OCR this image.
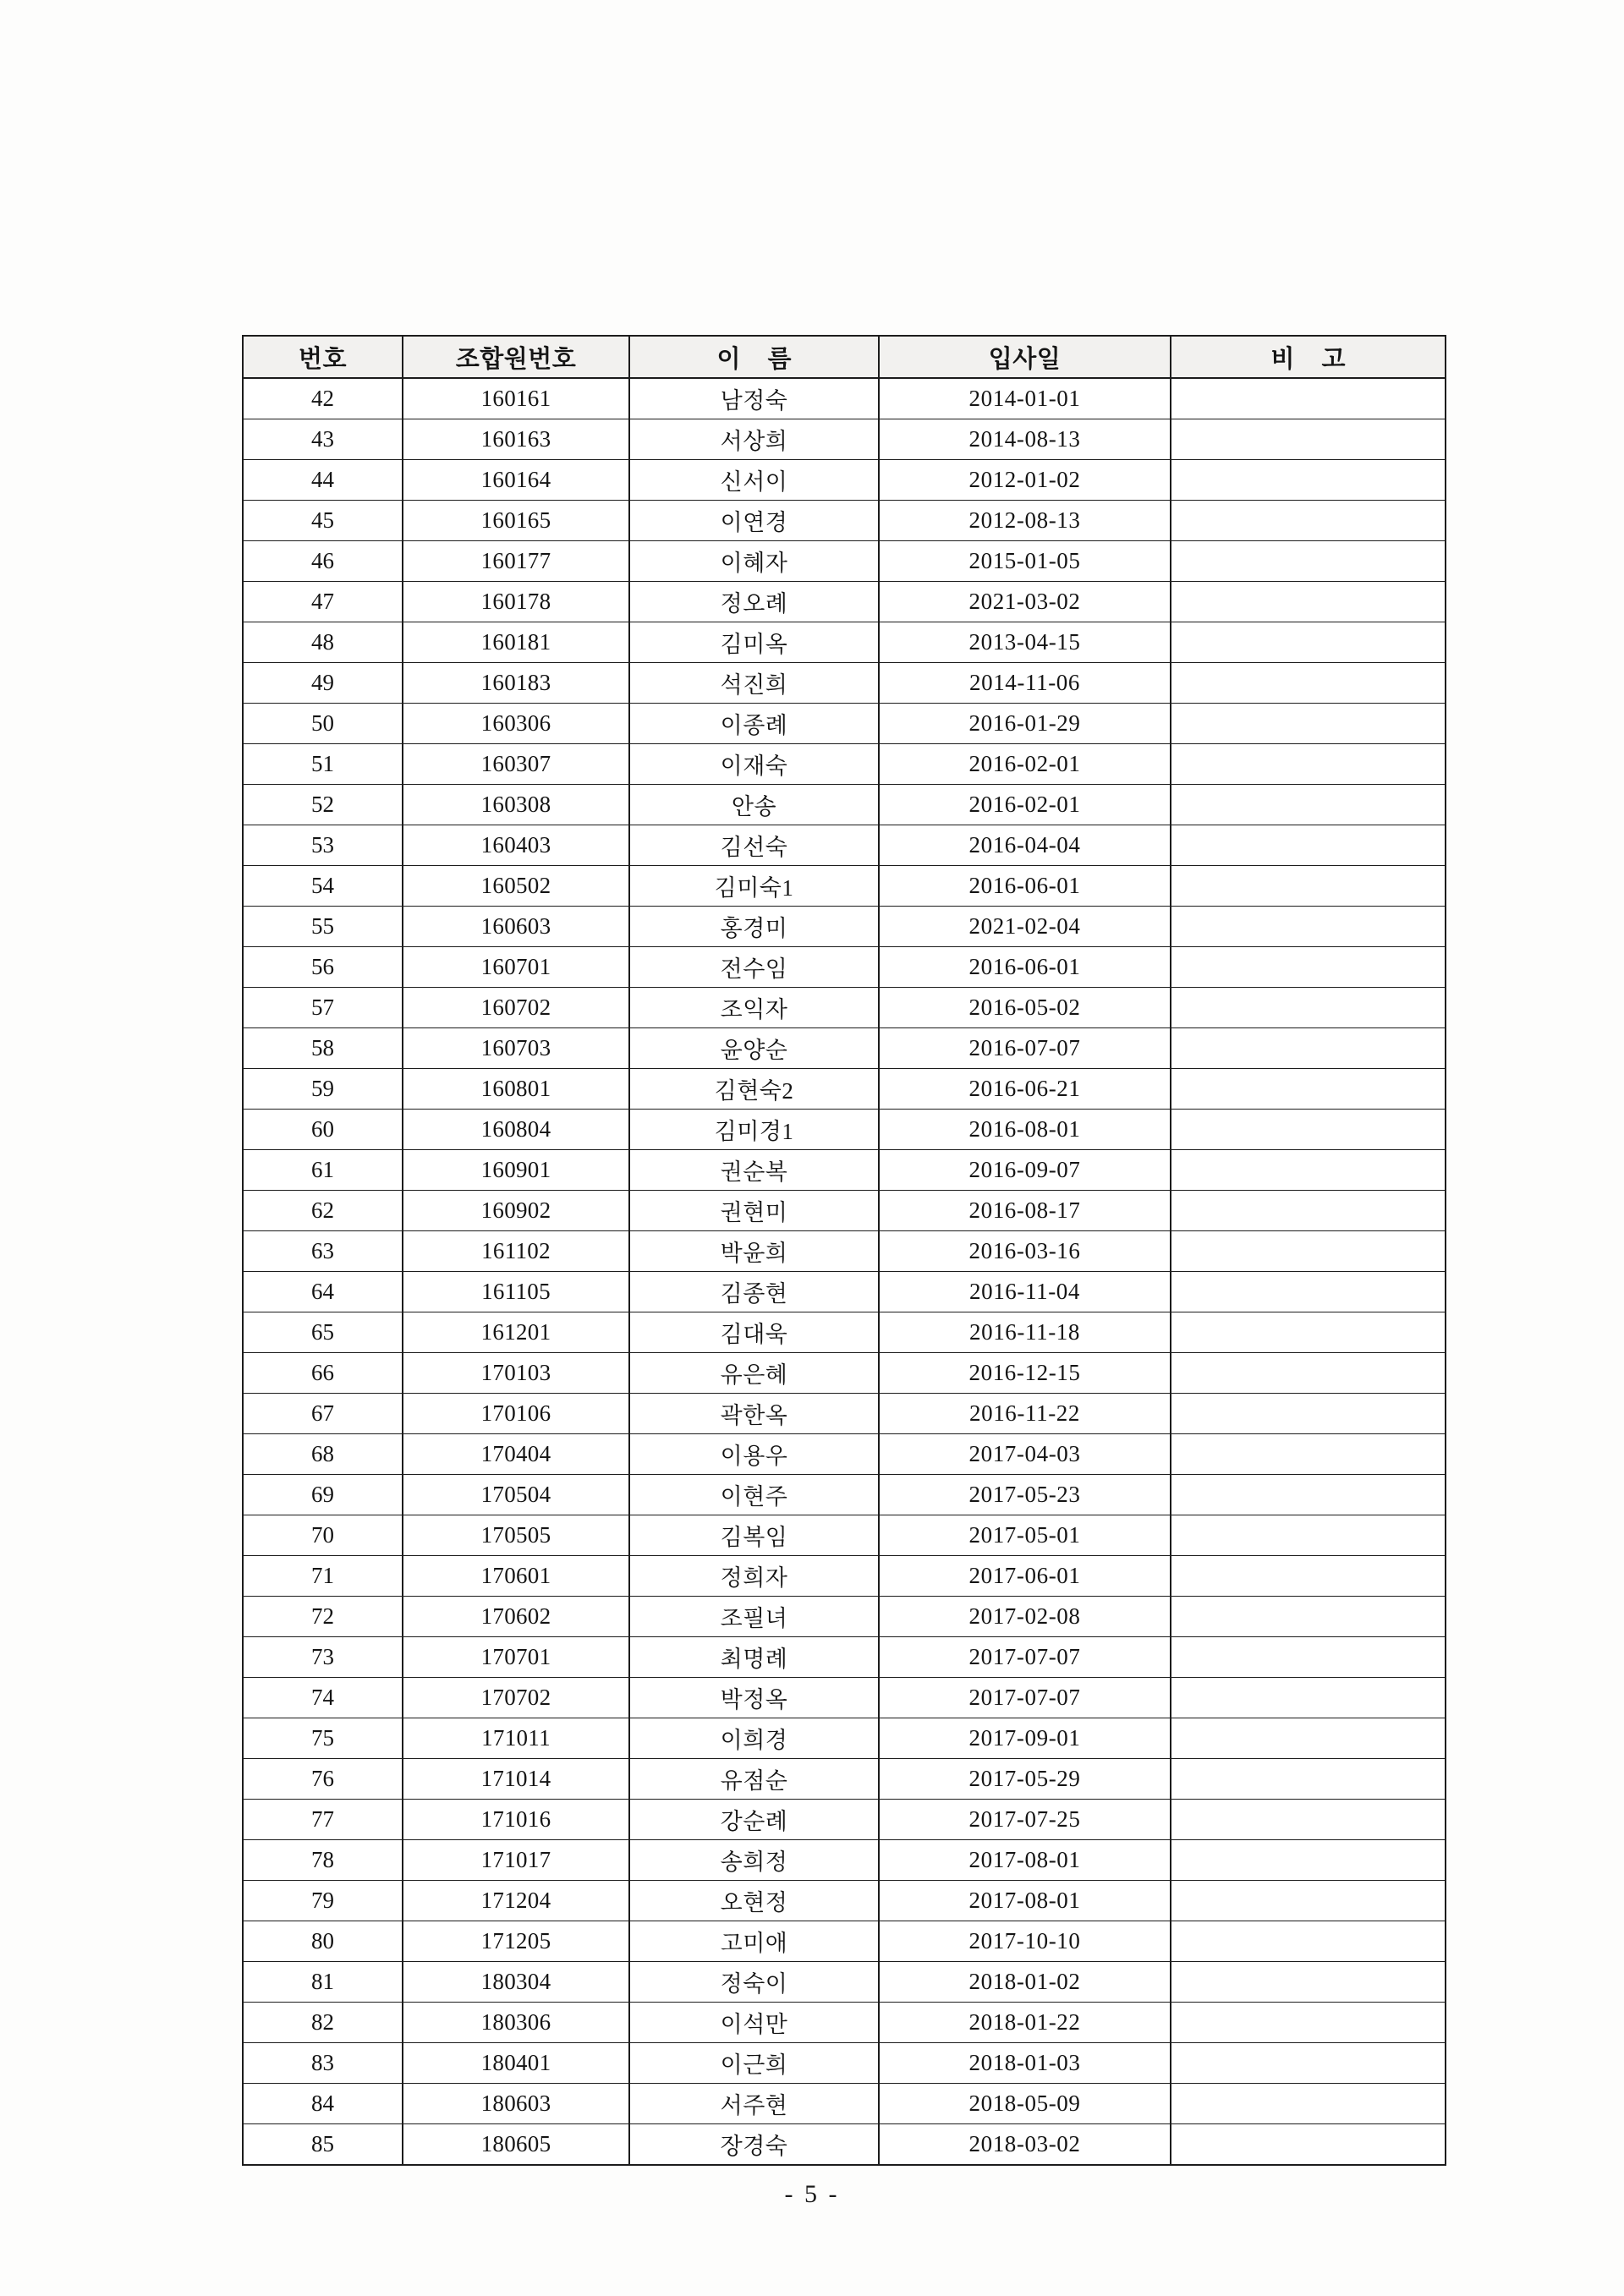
번호	조합원번호	이 름	입사일	비 고
42	160161	남정숙	2014-01-01	
43	160163	서상희	2014-08-13	
44	160164	신서이	2012-01-02	
45	160165	이연경	2012-08-13	
46	160177	이혜자	2015-01-05	
47	160178	정오례	2021-03-02	
48	160181	김미옥	2013-04-15	
49	160183	석진희	2014-11-06	
50	160306	이종례	2016-01-29	
51	160307	이재숙	2016-02-01	
52	160308	안송	2016-02-01	
53	160403	김선숙	2016-04-04	
54	160502	김미숙1	2016-06-01	
55	160603	홍경미	2021-02-04	
56	160701	전수임	2016-06-01	
57	160702	조익자	2016-05-02	
58	160703	윤양순	2016-07-07	
59	160801	김현숙2	2016-06-21	
60	160804	김미경1	2016-08-01	
61	160901	권순복	2016-09-07	
62	160902	권현미	2016-08-17	
63	161102	박윤희	2016-03-16	
64	161105	김종현	2016-11-04	
65	161201	김대욱	2016-11-18	
66	170103	유은혜	2016-12-15	
67	170106	곽한옥	2016-11-22	
68	170404	이용우	2017-04-03	
69	170504	이현주	2017-05-23	
70	170505	김복임	2017-05-01	
71	170601	정희자	2017-06-01	
72	170602	조필녀	2017-02-08	
73	170701	최명례	2017-07-07	
74	170702	박정옥	2017-07-07	
75	171011	이희경	2017-09-01	
76	171014	유점순	2017-05-29	
77	171016	강순례	2017-07-25	
78	171017	송희정	2017-08-01	
79	171204	오현정	2017-08-01	
80	171205	고미애	2017-10-10	
81	180304	정숙이	2018-01-02	
82	180306	이석만	2018-01-22	
83	180401	이근희	2018-01-03	
84	180603	서주현	2018-05-09	
85	180605	장경숙	2018-03-02	
- 5 -
